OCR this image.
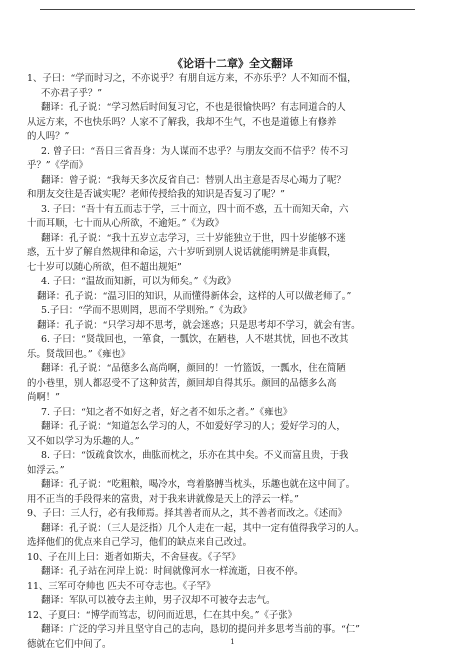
《论语十二章》全文翻译

1、子曰：“学而时习之，不亦说乎？有朋自远方来，不亦乐乎？人不知而不愠，

不亦君子乎？”

翻译：孔子说：“学习然后时间复习它，不也是很愉快吗？有志同道合的人

从远方来，不也快乐吗？人家不了解我，我却不生气，不也是道德上有修养

的人吗？”

2. 曾子曰：“吾日三省吾身：为人谋而不忠乎？与朋友交而不信乎？传不习

乎？”《学而》

翻译：曾子说：“我每天多次反省自己：替别人出主意是否尽心竭力了呢？

和朋友交往是否诚实呢？老师传授给我的知识是否复习了呢？”

3. 子曰：“吾十有五而志于学，三十而立，四十而不惑，五十而知天命，六

十而耳顺，七十而从心所欲，不逾矩。”《为政》

翻译：孔子说：“我十五岁立志学习，三十岁能独立于世，四十岁能够不迷

惑，五十岁了解自然规律和命运，六十岁听到别人说话就能明辨是非真假，

七十岁可以随心所欲，但不超出规矩”

4. 子曰：“温故而知新，可以为师矣。”《为政》

翻译：孔子说：“温习旧的知识，从而懂得新体会，这样的人可以做老师了。”

5.子曰：“学而不思则罔，思而不学则殆。”《为政》

翻译：孔子说：“只学习却不思考，就会迷惑；只是思考却不学习，就会有害。

6. 子曰：“贤哉回也，一箪食，一瓢饮，在陋巷，人不堪其忧，回也不改其

乐。贤哉回也。”《雍也》

翻译：孔子说：“品德多么高尚啊，颜回的！一竹篮饭，一瓢水，住在简陋

的小巷里，别人都忍受不了这种贫苦，颜回却自得其乐。颜回的品德多么高

尚啊！”

7. 子曰：“知之者不如好之者，好之者不如乐之者。”《雍也》

翻译：孔子说：“知道怎么学习的人，不如爱好学习的人；爱好学习的人，

又不如以学习为乐趣的人。”

8. 子曰：“饭疏食饮水，曲肱而枕之，乐亦在其中矣。不义而富且贵，于我

如浮云。”

翻译：孔子说：“吃粗粮，喝冷水，弯着胳膊当枕头，乐趣也就在这中间了。

用不正当的手段得来的富贵，对于我来讲就像是天上的浮云一样。”

9、子曰：三人行，必有我师焉。择其善者而从之，其不善者而改之。《述而》

翻译：孔子说：（三人是泛指）几个人走在一起，其中一定有值得我学习的人。

选择他们的优点来自己学习，他们的缺点来自己改过。

10、子在川上曰：逝者如斯夫，不舍昼夜。《子罕》

翻译：孔子站在河岸上说：时间就像河水一样流逝，日夜不停。

11、三军可夺帅也 匹夫不可夺志也。《子罕》

翻译：军队可以被夺去主帅，男子汉却不可被夺去志气。

12、子夏曰：“博学而笃志，切问而近思，仁在其中矣。”《子张》

翻译：广泛的学习并且坚守自己的志向，恳切的提问并多思考当前的事。“仁”

德就在它们中间了。	1
